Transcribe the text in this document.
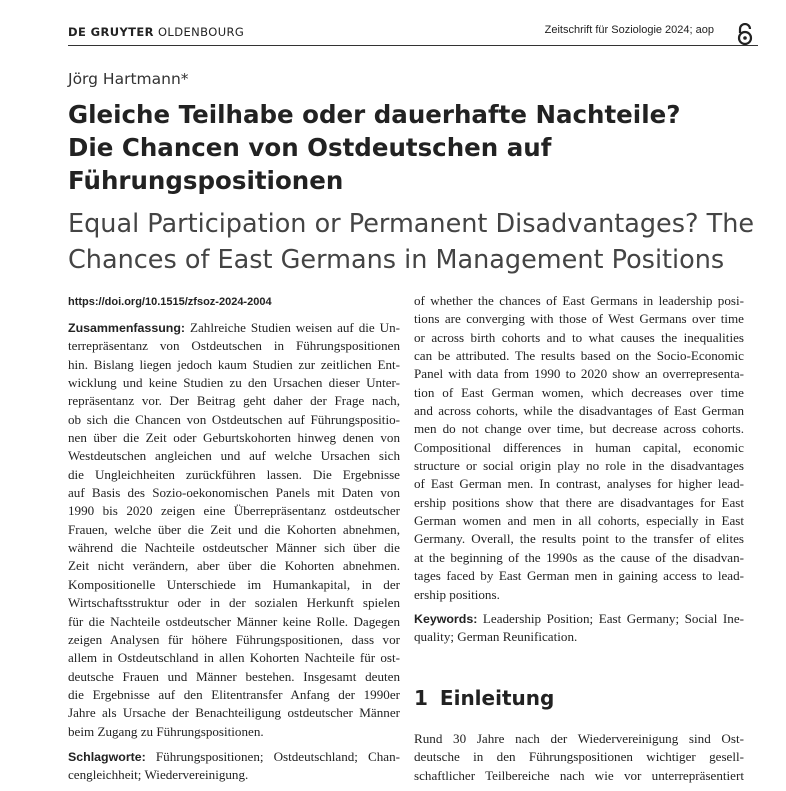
DE GRUYTER OLDENBOURG	Zeitschrift für Soziologie 2024; aop
Jörg Hartmann*
Gleiche Teilhabe oder dauerhafte Nachteile?
Die Chancen von Ostdeutschen auf
Führungspositionen
Equal Participation or Permanent Disadvantages? The
Chances of East Germans in Management Positions
https://doi.org/10.1515/zfsoz-2024-2004
Zusammenfassung: Zahlreiche Studien weisen auf die Un-
terrepräsentanz von Ostdeutschen in Führungspositionen
hin. Bislang liegen jedoch kaum Studien zur zeitlichen Ent-
wicklung und keine Studien zu den Ursachen dieser Unter-
repräsentanz vor. Der Beitrag geht daher der Frage nach,
ob sich die Chancen von Ostdeutschen auf Führungspositio-
nen über die Zeit oder Geburtskohorten hinweg denen von
Westdeutschen angleichen und auf welche Ursachen sich
die Ungleichheiten zurückführen lassen. Die Ergebnisse
auf Basis des Sozio-oekonomischen Panels mit Daten von
1990 bis 2020 zeigen eine Überrepräsentanz ostdeutscher
Frauen, welche über die Zeit und die Kohorten abnehmen,
während die Nachteile ostdeutscher Männer sich über die
Zeit nicht verändern, aber über die Kohorten abnehmen.
Kompositionelle Unterschiede im Humankapital, in der
Wirtschaftsstruktur oder in der sozialen Herkunft spielen
für die Nachteile ostdeutscher Männer keine Rolle. Dagegen
zeigen Analysen für höhere Führungspositionen, dass vor
allem in Ostdeutschland in allen Kohorten Nachteile für ost-
deutsche Frauen und Männer bestehen. Insgesamt deuten
die Ergebnisse auf den Elitentransfer Anfang der 1990er
Jahre als Ursache der Benachteiligung ostdeutscher Männer
beim Zugang zu Führungspositionen.
Schlagworte: Führungspositionen; Ostdeutschland; Chan-
cengleichheit; Wiedervereinigung.
of whether the chances of East Germans in leadership posi-
tions are converging with those of West Germans over time
or across birth cohorts and to what causes the inequalities
can be attributed. The results based on the Socio-Economic
Panel with data from 1990 to 2020 show an overrepresenta-
tion of East German women, which decreases over time
and across cohorts, while the disadvantages of East German
men do not change over time, but decrease across cohorts.
Compositional differences in human capital, economic
structure or social origin play no role in the disadvantages
of East German men. In contrast, analyses for higher lead-
ership positions show that there are disadvantages for East
German women and men in all cohorts, especially in East
Germany. Overall, the results point to the transfer of elites
at the beginning of the 1990s as the cause of the disadvan-
tages faced by East German men in gaining access to lead-
ership positions.
Keywords: Leadership Position; East Germany; Social Ine-
quality; German Reunification.
1 Einleitung
Rund 30 Jahre nach der Wiedervereinigung sind Ost-
deutsche in den Führungspositionen wichtiger gesell-
schaftlicher Teilbereiche nach wie vor unterrepräsentiert
